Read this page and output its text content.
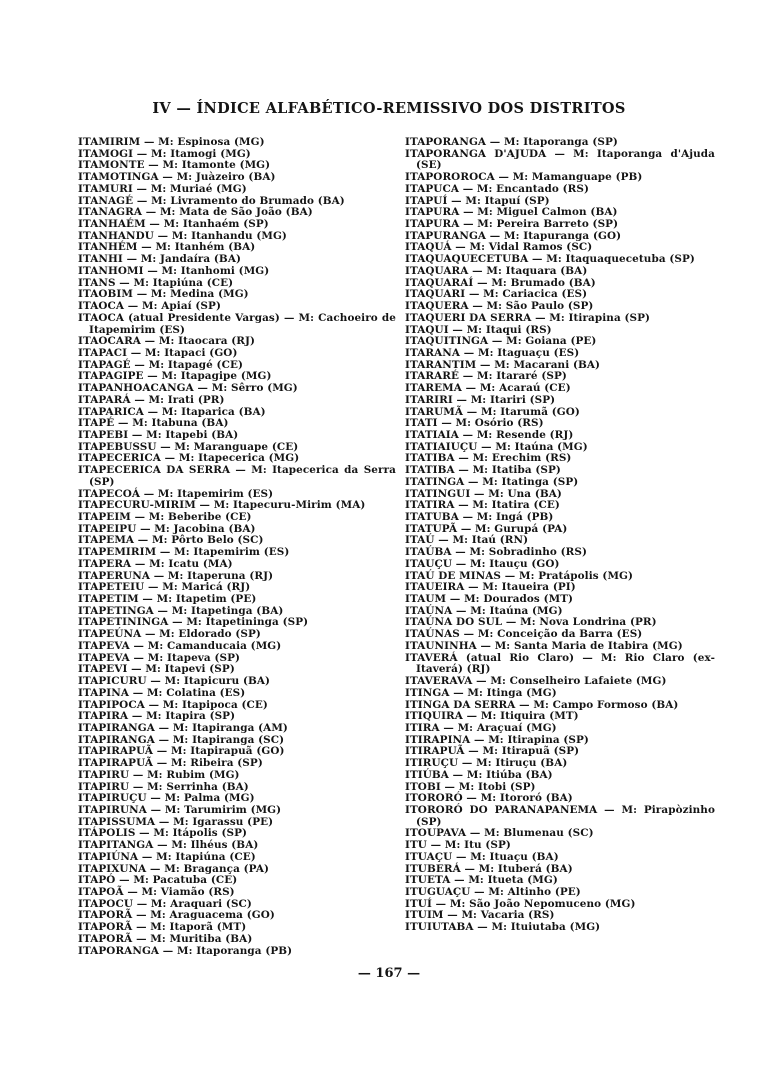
IV — ÍNDICE ALFABÉTICO-REMISSIVO DOS DISTRITOS
ITAMIRIM — M: Espinosa (MG)
ITAMOGI — M: Itamogi (MG)
ITAMONTE — M: Itamonte (MG)
ITAMOTINGA — M: Juàzeiro (BA)
ITAMURI — M: Muriaé (MG)
ITANAGÉ — M: Livramento do Brumado (BA)
ITANAGRA — M: Mata de São João (BA)
ITANHAÉM — M: Itanhaém (SP)
ITANHANDU — M: Itanhandu (MG)
ITANHÉM — M: Itanhém (BA)
ITANHI — M: Jandaíra (BA)
ITANHOMI — M: Itanhomi (MG)
ITANS — M: Itapiúna (CE)
ITAOBIM — M: Medina (MG)
ITAOCA — M: Apiaí (SP)
ITAOCA (atual Presidente Vargas) — M: Cachoeiro de Itapemirim (ES)
ITAOCARA — M: Itaocara (RJ)
ITAPACI — M: Itapaci (GO)
ITAPAGÉ — M: Itapagé (CE)
ITAPAGIPE — M: Itapagipe (MG)
ITAPANHOACANGA — M: Sêrro (MG)
ITAPARÁ — M: Irati (PR)
ITAPARICA — M: Itaparica (BA)
ITAPÉ — M: Itabuna (BA)
ITAPEBI — M: Itapebi (BA)
ITAPEBUSSU — M: Maranguape (CE)
ITAPECERICA — M: Itapecerica (MG)
ITAPECERICA DA SERRA — M: Itapecerica da Serra (SP)
ITAPECOÁ — M: Itapemirim (ES)
ITAPECURU-MIRIM — M: Itapecuru-Mirim (MA)
ITAPEIM — M: Beberibe (CE)
ITAPEIPU — M: Jacobina (BA)
ITAPEMA — M: Pôrto Belo (SC)
ITAPEMIRIM — M: Itapemirim (ES)
ITAPERA — M: Icatu (MA)
ITAPERUNA — M: Itaperuna (RJ)
ITAPETEIU — M: Maricá (RJ)
ITAPETIM — M: Itapetim (PE)
ITAPETINGA — M: Itapetinga (BA)
ITAPETININGA — M: Itapetininga (SP)
ITAPEÚNA — M: Eldorado (SP)
ITAPEVA — M: Camanducaia (MG)
ITAPEVA — M: Itapeva (SP)
ITAPEVI — M: Itapevi (SP)
ITAPICURU — M: Itapicuru (BA)
ITAPINA — M: Colatina (ES)
ITAPIPOCA — M: Itapipoca (CE)
ITAPIRA — M: Itapira (SP)
ITAPIRANGA — M: Itapiranga (AM)
ITAPIRANGA — M: Itapiranga (SC)
ITAPIRAPUÃ — M: Itapirapuã (GO)
ITAPIRAPUÃ — M: Ribeira (SP)
ITAPIRU — M: Rubim (MG)
ITAPIRU — M: Serrinha (BA)
ITAPIRUÇU — M: Palma (MG)
ITAPIRUNA — M: Tarumirim (MG)
ITAPISSUMA — M: Igarassu (PE)
ITÁPOLIS — M: Itápolis (SP)
ITAPITANGA — M: Ilhéus (BA)
ITAPIÚNA — M: Itapiúna (CE)
ITAPIXUNA — M: Bragança (PA)
ITAPÓ — M: Pacatuba (CE)
ITAPOÃ — M: Viamão (RS)
ITAPOCU — M: Araquari (SC)
ITAPORÃ — M: Araguacema (GO)
ITAPORÃ — M: Itaporã (MT)
ITAPORÃ — M: Muritiba (BA)
ITAPORANGA — M: Itaporanga (PB)
ITAPORANGA — M: Itaporanga (SP)
ITAPORANGA D'AJUDA — M: Itaporanga d'Ajuda (SE)
ITAPOROROCA — M: Mamanguape (PB)
ITAPUCA — M: Encantado (RS)
ITAPUÍ — M: Itapuí (SP)
ITAPURA — M: Miguel Calmon (BA)
ITAPURA — M: Pereira Barreto (SP)
ITAPURANGA — M: Itapuranga (GO)
ITAQUÁ — M: Vidal Ramos (SC)
ITAQUAQUECETUBA — M: Itaquaquecetuba (SP)
ITAQUARA — M: Itaquara (BA)
ITAQUARAÍ — M: Brumado (BA)
ITAQUARI — M: Cariacica (ES)
ITAQUERA — M: São Paulo (SP)
ITAQUERI DA SERRA — M: Itirapina (SP)
ITAQUI — M: Itaqui (RS)
ITAQUITINGA — M: Goiana (PE)
ITARANA — M: Itaguaçu (ES)
ITARANTIM — M: Macarani (BA)
ITARARÉ — M: Itararé (SP)
ITAREMA — M: Acaraú (CE)
ITARIRI — M: Itariri (SP)
ITARUMÃ — M: Itarumã (GO)
ITATI — M: Osório (RS)
ITATIAIA — M: Resende (RJ)
ITATIAIUÇU — M: Itaúna (MG)
ITATIBA — M: Erechim (RS)
ITATIBA — M: Itatiba (SP)
ITATINGA — M: Itatinga (SP)
ITATINGUI — M: Una (BA)
ITATIRA — M: Itatira (CE)
ITATUBA — M: Ingá (PB)
ITATUPÃ — M: Gurupá (PA)
ITAÚ — M: Itaú (RN)
ITAÚBA — M: Sobradinho (RS)
ITAUÇU — M: Itauçu (GO)
ITAÚ DE MINAS — M: Pratápolis (MG)
ITAUEIRA — M: Itaueira (PI)
ITAUM — M: Dourados (MT)
ITAÚNA — M: Itaúna (MG)
ITAÚNA DO SUL — M: Nova Londrina (PR)
ITAÚNAS — M: Conceição da Barra (ES)
ITAUNINHA — M: Santa Maria de Itabira (MG)
ITAVERÁ (atual Rio Claro) — M: Rio Claro (ex-Itaverá) (RJ)
ITAVERAVA — M: Conselheiro Lafaiete (MG)
ITINGA — M: Itinga (MG)
ITINGA DA SERRA — M: Campo Formoso (BA)
ITIQUIRA — M: Itiquira (MT)
ITIRA — M: Araçuaí (MG)
ITIRAPINA — M: Itirapina (SP)
ITIRAPUÃ — M: Itirapuã (SP)
ITIRUÇU — M: Itiruçu (BA)
ITIÚBA — M: Itiúba (BA)
ITOBI — M: Itobi (SP)
ITORORÓ — M: Itororó (BA)
ITORORÓ DO PARANAPANEMA — M: Pirapòzinho (SP)
ITOUPAVA — M: Blumenau (SC)
ITU — M: Itu (SP)
ITUAÇU — M: Ituaçu (BA)
ITUBERÁ — M: Ituberá (BA)
ITUETA — M: Itueta (MG)
ITUGUAÇU — M: Altinho (PE)
ITUÍ — M: São João Nepomuceno (MG)
ITUIM — M: Vacaria (RS)
ITUIUTABA — M: Ituiutaba (MG)
— 167 —
